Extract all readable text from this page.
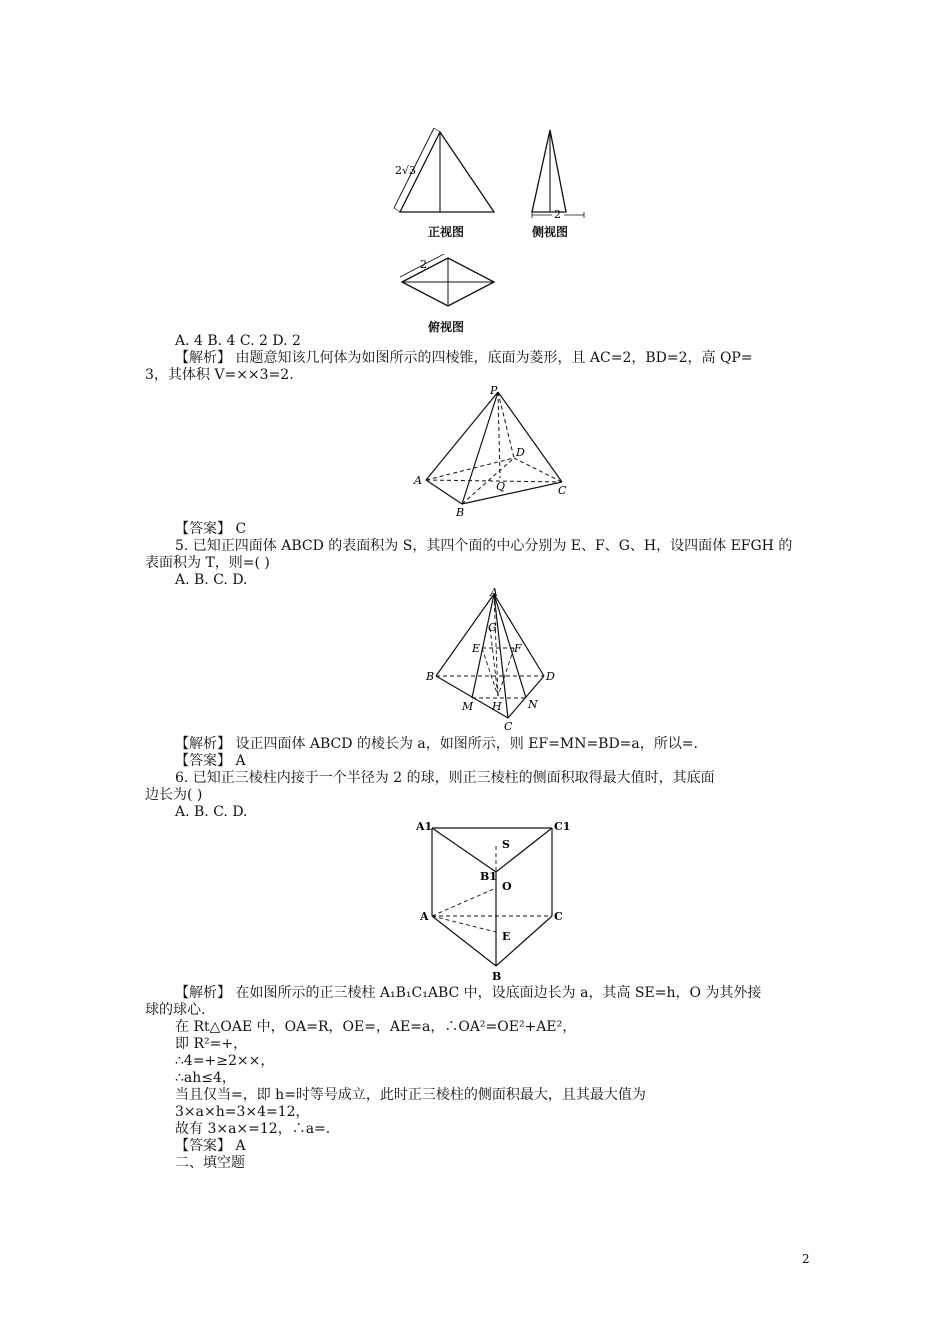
2√3
正视图
2
侧视图
2
俯视图
A. 4 B. 4 C. 2 D. 2
【解析】 由题意知该几何体为如图所示的四棱锥，底面为菱形，且 AC=2，BD=2，高 QP=
3，其体积 V=××3=2.
P
D
A	Q	C
B
【答案】 C
5. 已知正四面体 ABCD 的表面积为 S，其四个面的中心分别为 E、F、G、H，设四面体 EFGH 的
表面积为 T，则=( )
A. B. C. D.
A
G
E	F
B	D
M H N
C
【解析】 设正四面体 ABCD 的棱长为 a，如图所示，则 EF=MN=BD=a，所以=.
【答案】 A
6. 已知正三棱柱内接于一个半径为 2 的球，则正三棱柱的侧面积取得最大值时，其底面
边长为( )
A. B. C. D.
A1	C1
S
B1
O
A	C
E
B
【解析】 在如图所示的正三棱柱 A₁B₁C₁ABC 中，设底面边长为 a，其高 SE=h，O 为其外接
球的球心.
在 Rt△OAE 中，OA=R，OE=，AE=a，∴OA²=OE²+AE²，
即 R²=+，
∴4=+≥2××，
∴ah≤4，
当且仅当=，即 h=时等号成立，此时正三棱柱的侧面积最大，且其最大值为
3×a×h=3×4=12，
故有 3×a×=12，∴a=.
【答案】 A
二、填空题
2
